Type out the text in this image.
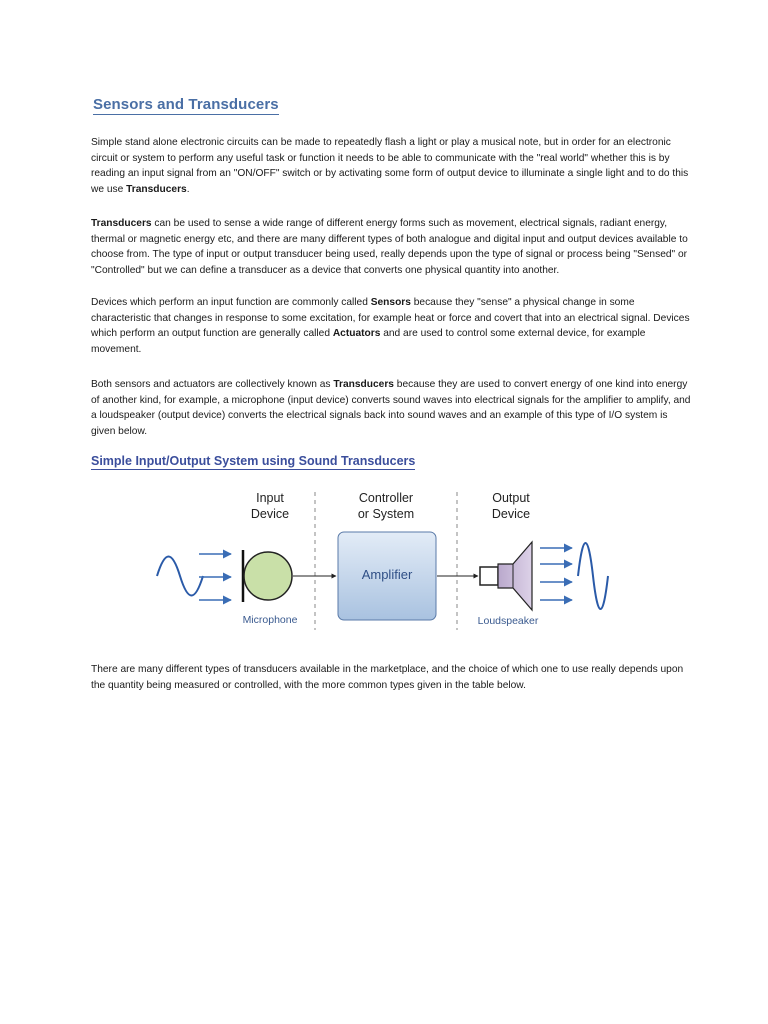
Sensors and Transducers

Simple stand alone electronic circuits can be made to repeatedly flash a light or play a musical note, but in order for an electronic circuit or system to perform any useful task or function it needs to be able to communicate with the "real world" whether this is by reading an input signal from an "ON/OFF" switch or by activating some form of output device to illuminate a single light and to do this we use Transducers.

Transducers can be used to sense a wide range of different energy forms such as movement, electrical signals, radiant energy, thermal or magnetic energy etc, and there are many different types of both analogue and digital input and output devices available to choose from. The type of input or output transducer being used, really depends upon the type of signal or process being "Sensed" or "Controlled" but we can define a transducer as a device that converts one physical quantity into another.

Devices which perform an input function are commonly called Sensors because they "sense" a physical change in some characteristic that changes in response to some excitation, for example heat or force and covert that into an electrical signal. Devices which perform an output function are generally called Actuators and are used to control some external device, for example movement.

Both sensors and actuators are collectively known as Transducers because they are used to convert energy of one kind into energy of another kind, for example, a microphone (input device) converts sound waves into electrical signals for the amplifier to amplify, and a loudspeaker (output device) converts the electrical signals back into sound waves and an example of this type of I/O system is given below.

Simple Input/Output System using Sound Transducers
Input
Device
Controller
or System
Output
Device
Microphone
Amplifier
Loudspeaker

There are many different types of transducers available in the marketplace, and the choice of which one to use really depends upon the quantity being measured or controlled, with the more common types given in the table below.
